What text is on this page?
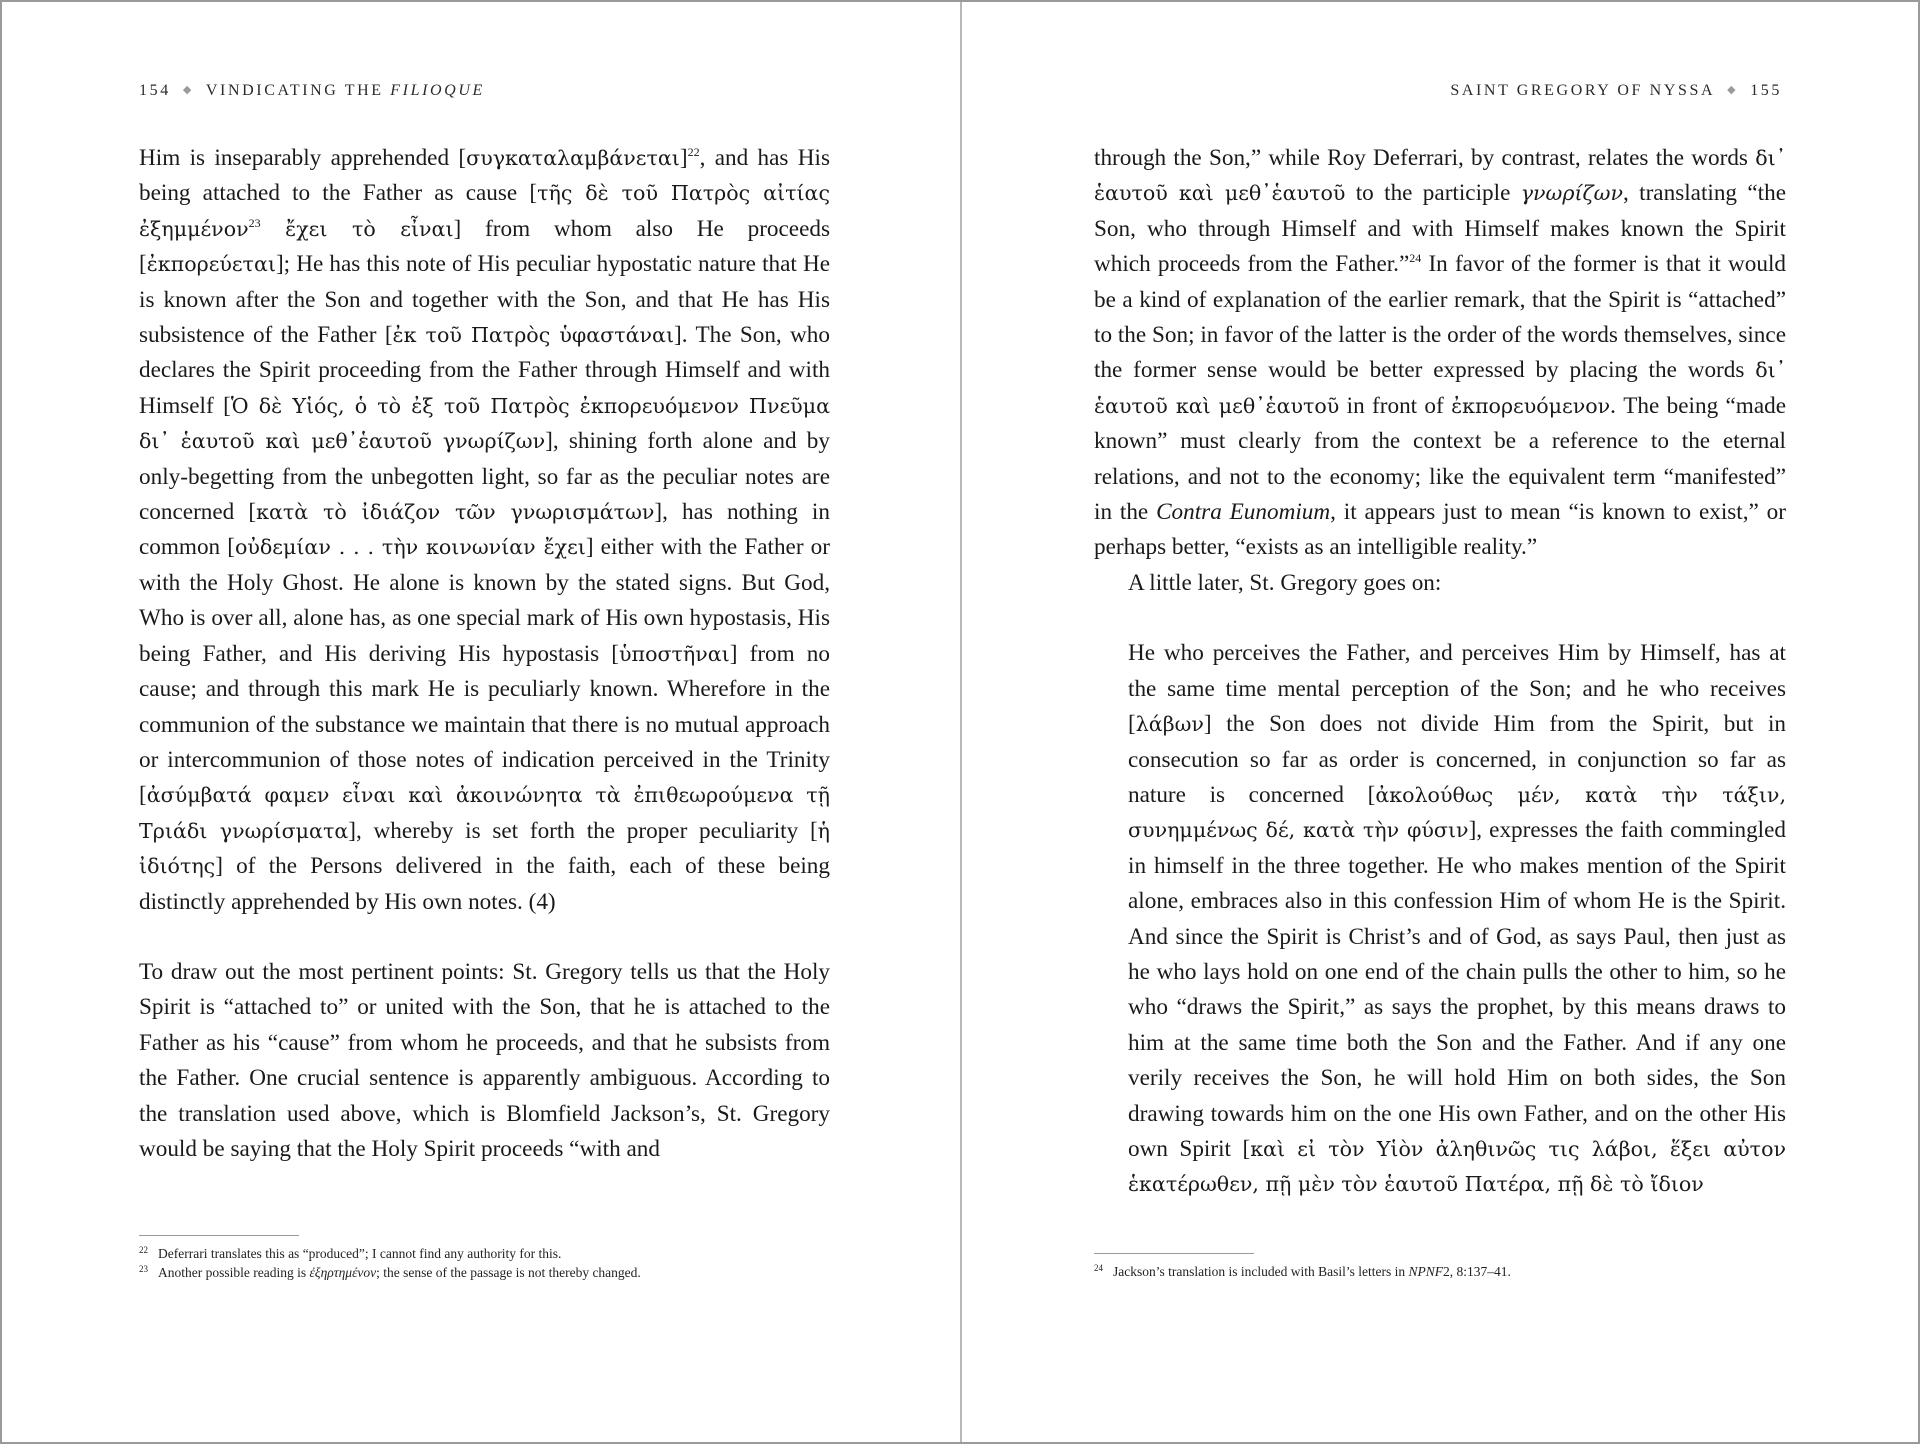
154 ◆ VINDICATING THE FILIOQUE

Him is inseparably apprehended $[\sigma\upsilon\gamma\kappa\alpha\tau\alpha\lambda\alpha\mu\beta ά\nu\varepsilon\tau\alpha\iota]^{22}$, and has His being attached to the Father as cause [τῆς δὲ τοῦ Πατρὸς αἰτίας ἐξημμένον$^{23}$ ἔχει τὸ εἶναι] from whom also He proceeds [ἐκπορεύεται]; He has this note of His peculiar hypostatic nature that He is known after the Son and together with the Son, and that He has His subsistence of the Father [ἐκ τοῦ Πατρὸς ὑφαστάναι]. The Son, who declares the Spirit proceeding from the Father through Himself and with Himself [Ὁ δὲ Υἱός, ὁ τὸ ἐξ τοῦ Πατρὸς ἐκπορευόμενον Πνεῦμα δι᾽ ἑαυτοῦ καὶ μεθ᾽ἑαυτοῦ γνωρίζων], shining forth alone and by only-begetting from the unbegotten light, so far as the peculiar notes are concerned [κατὰ τὸ ἰδιάζον τῶν γνωρισμάτων], has nothing in common [οὐδεμίαν . . . τὴν κοινωνίαν ἔχει] either with the Father or with the Holy Ghost. He alone is known by the stated signs. But God, Who is over all, alone has, as one special mark of His own hypostasis, His being Father, and His deriving His hypostasis [ὑποστῆναι] from no cause; and through this mark He is peculiarly known. Wherefore in the communion of the substance we maintain that there is no mutual approach or intercommunion of those notes of indication perceived in the Trinity [ἀσύμβατά φαμεν εἶναι καὶ ἀκοινώνητα τὰ ἐπιθεωρούμενα τῇ Τριάδι γνωρίσματα], whereby is set forth the proper peculiarity [ἡ ἰδιότης] of the Persons delivered in the faith, each of these being distinctly apprehended by His own notes. (4)

To draw out the most pertinent points: St. Gregory tells us that the Holy Spirit is “attached to” or united with the Son, that he is attached to the Father as his “cause” from whom he proceeds, and that he subsists from the Father. One crucial sentence is apparently ambiguous. According to the translation used above, which is Blomfield Jackson’s, St. Gregory would be saying that the Holy Spirit proceeds “with and

$^{22}$ Deferrari translates this as “produced”; I cannot find any authority for this.
$^{23}$ Another possible reading is ἐξηρτημένον; the sense of the passage is not thereby changed.
SAINT GREGORY OF NYSSA ◆ 155

through the Son,” while Roy Deferrari, by contrast, relates the words δι᾽ ἑαυτοῦ καὶ μεθ᾽ἑαυτοῦ to the participle γνωρίζων, translating “the Son, who through Himself and with Himself makes known the Spirit which proceeds from the Father.”$^{24}$ In favor of the former is that it would be a kind of explanation of the earlier remark, that the Spirit is “attached” to the Son; in favor of the latter is the order of the words themselves, since the former sense would be better expressed by placing the words δι᾽ ἑαυτοῦ καὶ μεθ᾽ἑαυτοῦ in front of ἐκπορευόμενον. The being “made known” must clearly from the context be a reference to the eternal relations, and not to the economy; like the equivalent term “manifested” in the Contra Eunomium, it appears just to mean “is known to exist,” or perhaps better, “exists as an intelligible reality.”

A little later, St. Gregory goes on:

He who perceives the Father, and perceives Him by Himself, has at the same time mental perception of the Son; and he who receives [λάβων] the Son does not divide Him from the Spirit, but in consecution so far as order is concerned, in conjunction so far as nature is concerned [ἀκολούθως μέν, κατὰ τὴν τάξιν, συνημμένως δέ, κατὰ τὴν φύσιν], expresses the faith commingled in himself in the three together. He who makes mention of the Spirit alone, embraces also in this confession Him of whom He is the Spirit. And since the Spirit is Christ’s and of God, as says Paul, then just as he who lays hold on one end of the chain pulls the other to him, so he who “draws the Spirit,” as says the prophet, by this means draws to him at the same time both the Son and the Father. And if any one verily receives the Son, he will hold Him on both sides, the Son drawing towards him on the one His own Father, and on the other His own Spirit [καὶ εἰ τὸν Υἱὸν ἀληθινῶς τις λάβοι, ἕξει αὐτον ἑκατέρωθεν, πῇ μὲν τὸν ἑαυτοῦ Πατέρα, πῇ δὲ τὸ ἴδιον

$^{24}$ Jackson’s translation is included with Basil’s letters in NPNF2, 8:137–41.
